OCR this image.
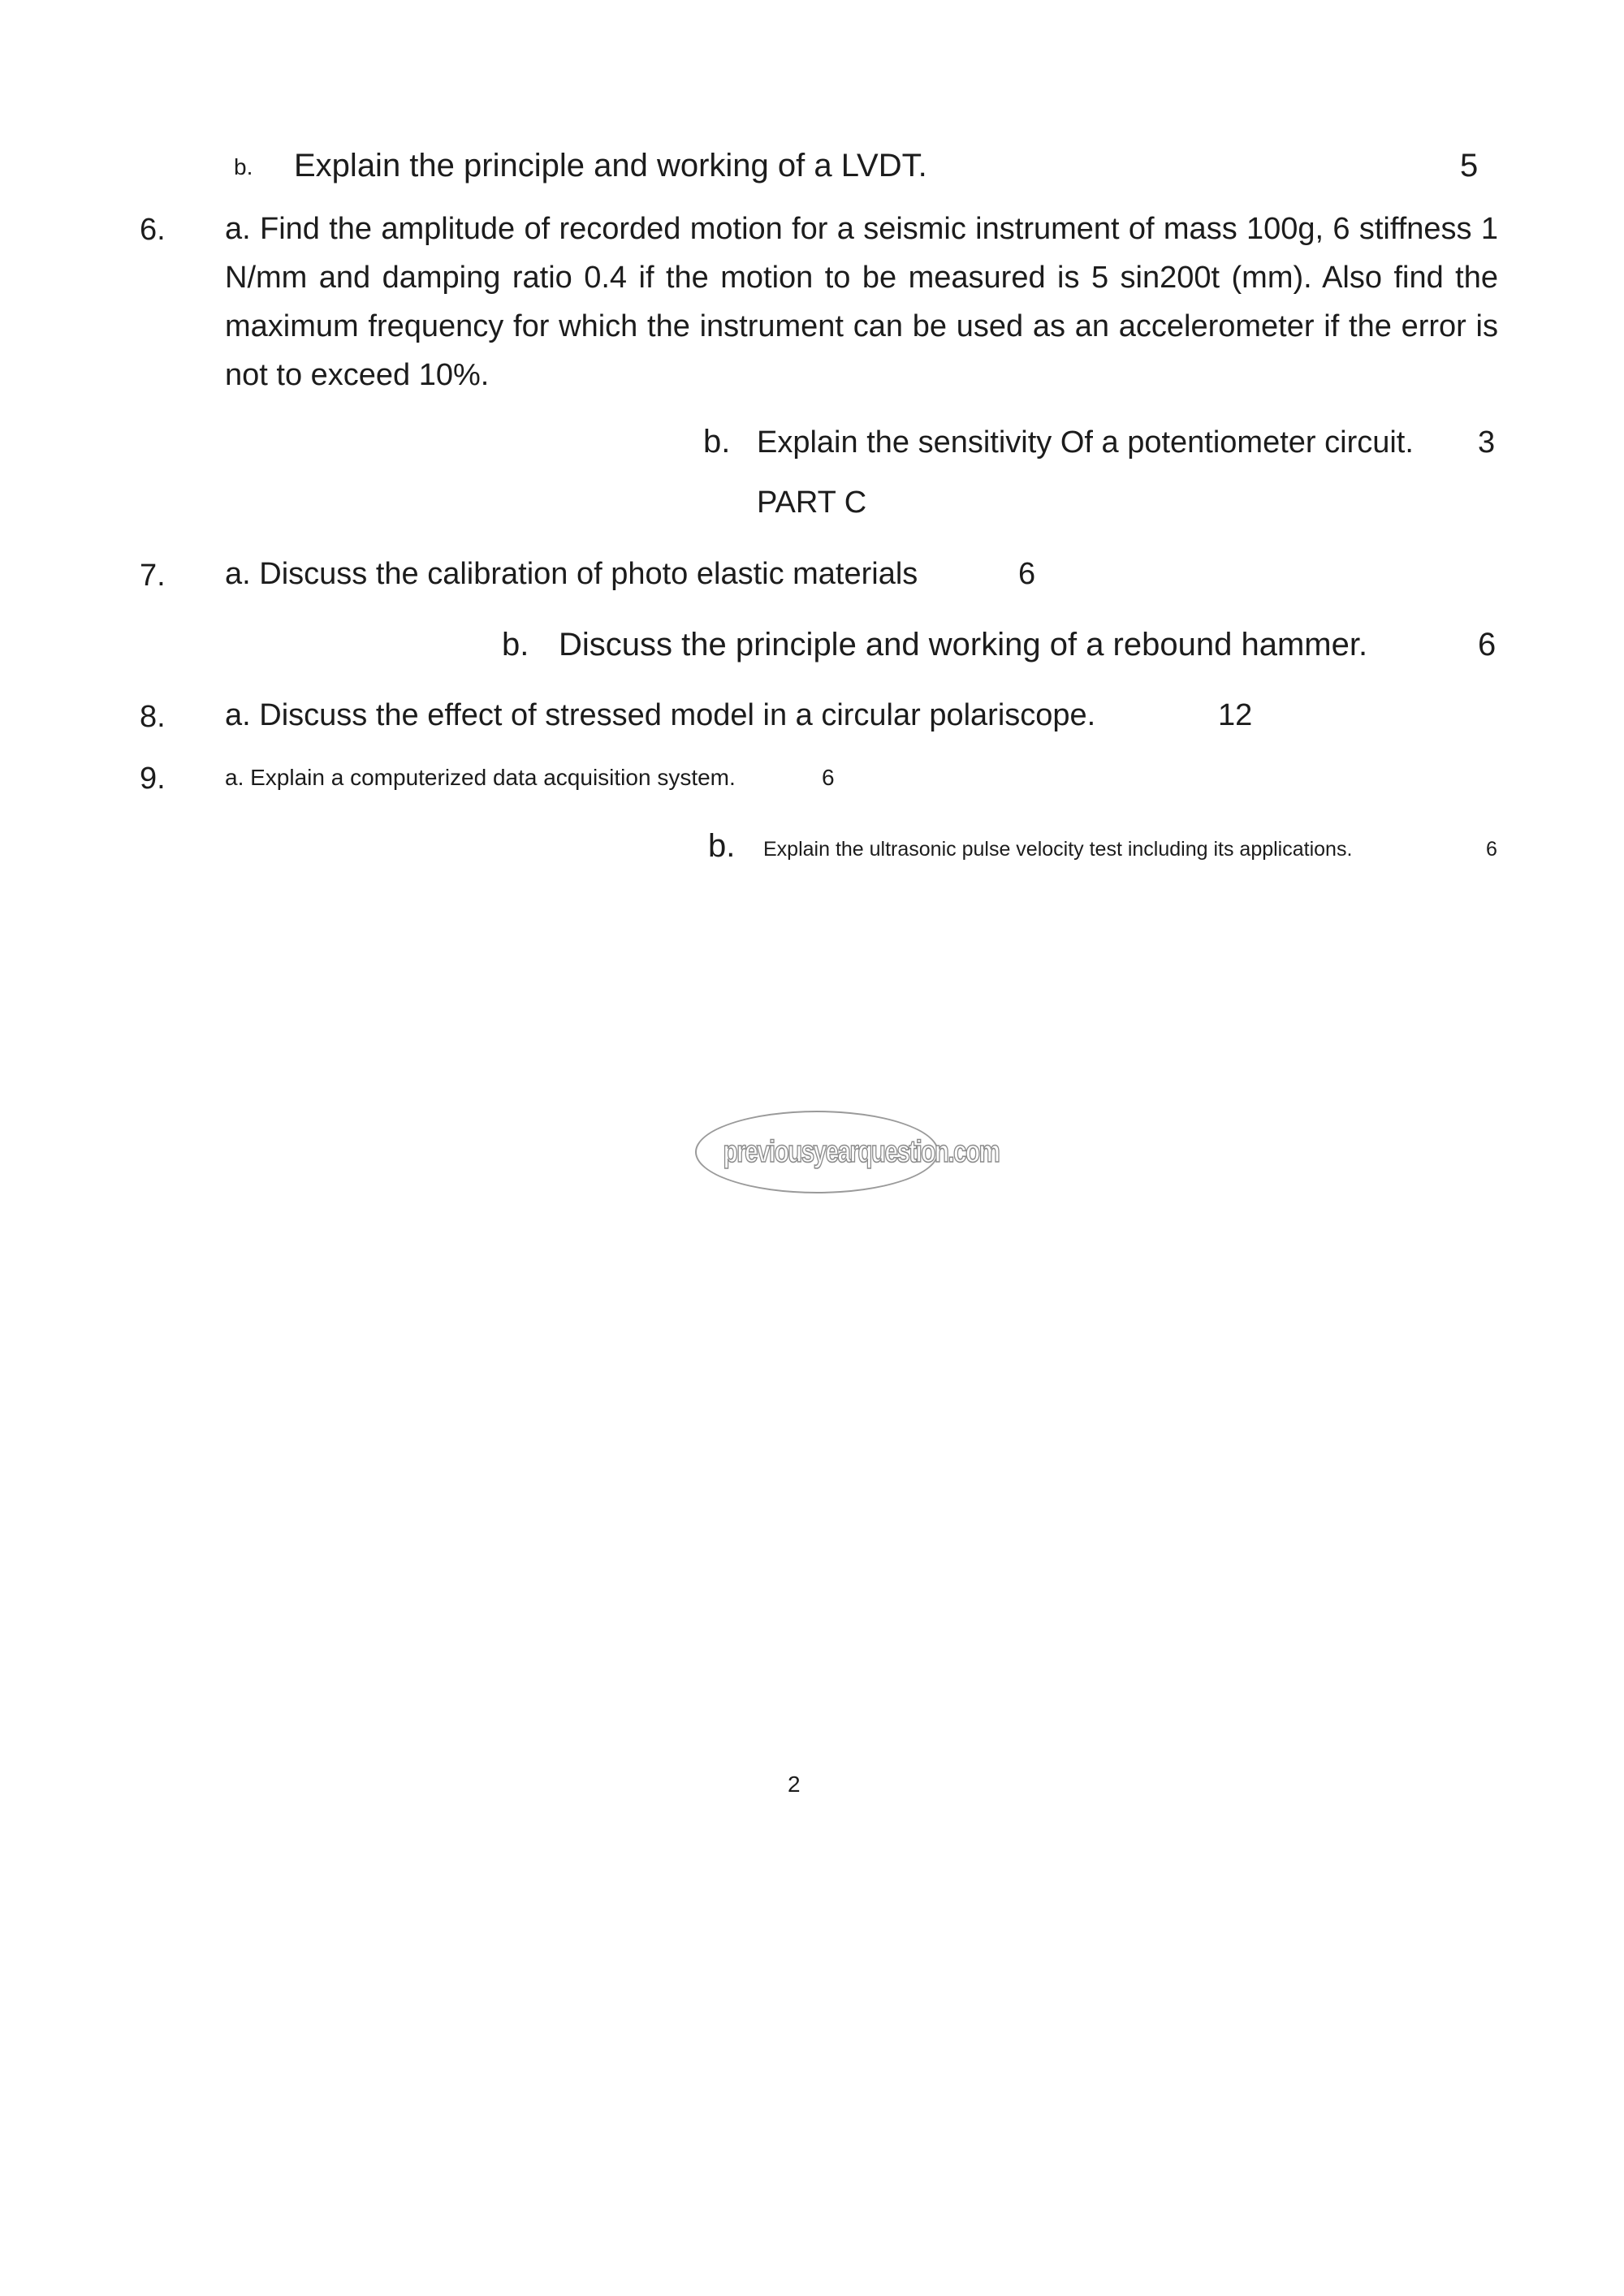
b. Explain the principle and working of a LVDT.	5
6. a. Find the amplitude of recorded motion for a seismic instrument of mass 100g, 6 stiffness 1 N/mm and damping ratio 0.4 if the motion to be measured is 5 sin200t (mm). Also find the maximum frequency for which the instrument can be used as an accelerometer if the error is not to exceed 10%.
b. Explain the sensitivity Of a potentiometer circuit. 3
PART C
7. a. Discuss the calibration of photo elastic materials	6
b. Discuss the principle and working of a rebound hammer.	6
8. a. Discuss the effect of stressed model in a circular polariscope.	12
9.	a. Explain a computerized data acquisition system.	6
b. Explain the ultrasonic pulse velocity test including its applications.	6
previousyearquestion.com
2
